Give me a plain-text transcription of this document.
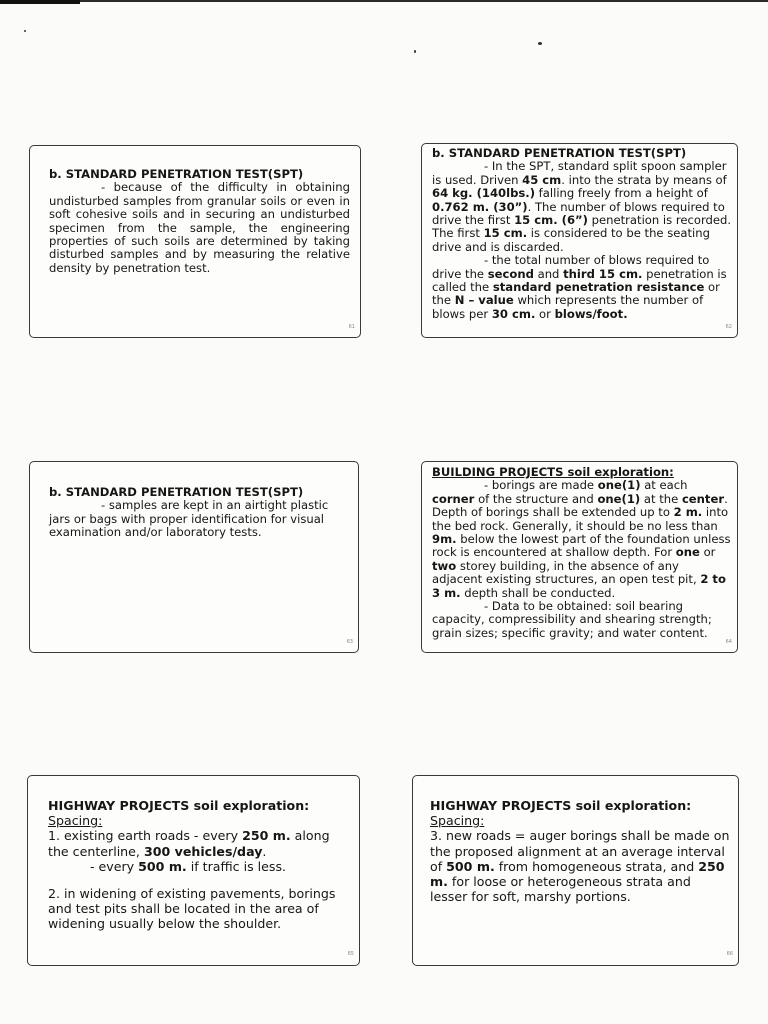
b. STANDARD PENETRATION TEST(SPT)

- because of the difficulty in obtaining undisturbed samples from granular soils or even in soft cohesive soils and in securing an undisturbed specimen from the sample, the engineering properties of such soils are determined by taking disturbed samples and by measuring the relative density by penetration test.

61

b. STANDARD PENETRATION TEST(SPT)

- In the SPT, standard split spoon sampler is used. Driven 45 cm. into the strata by means of 64 kg. (140lbs.) falling freely from a height of 0.762 m. (30”). The number of blows required to drive the first 15 cm. (6”) penetration is recorded. The first 15 cm. is considered to be the seating drive and is discarded.

- the total number of blows required to drive the second and third 15 cm. penetration is called the standard penetration resistance or the N – value which represents the number of blows per 30 cm. or blows/foot.

62

b. STANDARD PENETRATION TEST(SPT)

- samples are kept in an airtight plastic jars or bags with proper identification for visual examination and/or laboratory tests.

63

BUILDING PROJECTS soil exploration:

- borings are made one(1) at each corner of the structure and one(1) at the center. Depth of borings shall be extended up to 2 m. into the bed rock. Generally, it should be no less than 9m. below the lowest part of the foundation unless rock is encountered at shallow depth. For one or two storey building, in the absence of any adjacent existing structures, an open test pit, 2 to 3 m. depth shall be conducted.

- Data to be obtained: soil bearing capacity, compressibility and shearing strength; grain sizes; specific gravity; and water content.

64

HIGHWAY PROJECTS soil exploration:

Spacing:

1. existing earth roads - every 250 m. along the centerline, 300 vehicles/day.

- every 500 m. if traffic is less.

2. in widening of existing pavements, borings and test pits shall be located in the area of widening usually below the shoulder.

65

HIGHWAY PROJECTS soil exploration:

Spacing:

3. new roads = auger borings shall be made on the proposed alignment at an average interval of 500 m. from homogeneous strata, and 250 m. for loose or heterogeneous strata and lesser for soft, marshy portions.

66
